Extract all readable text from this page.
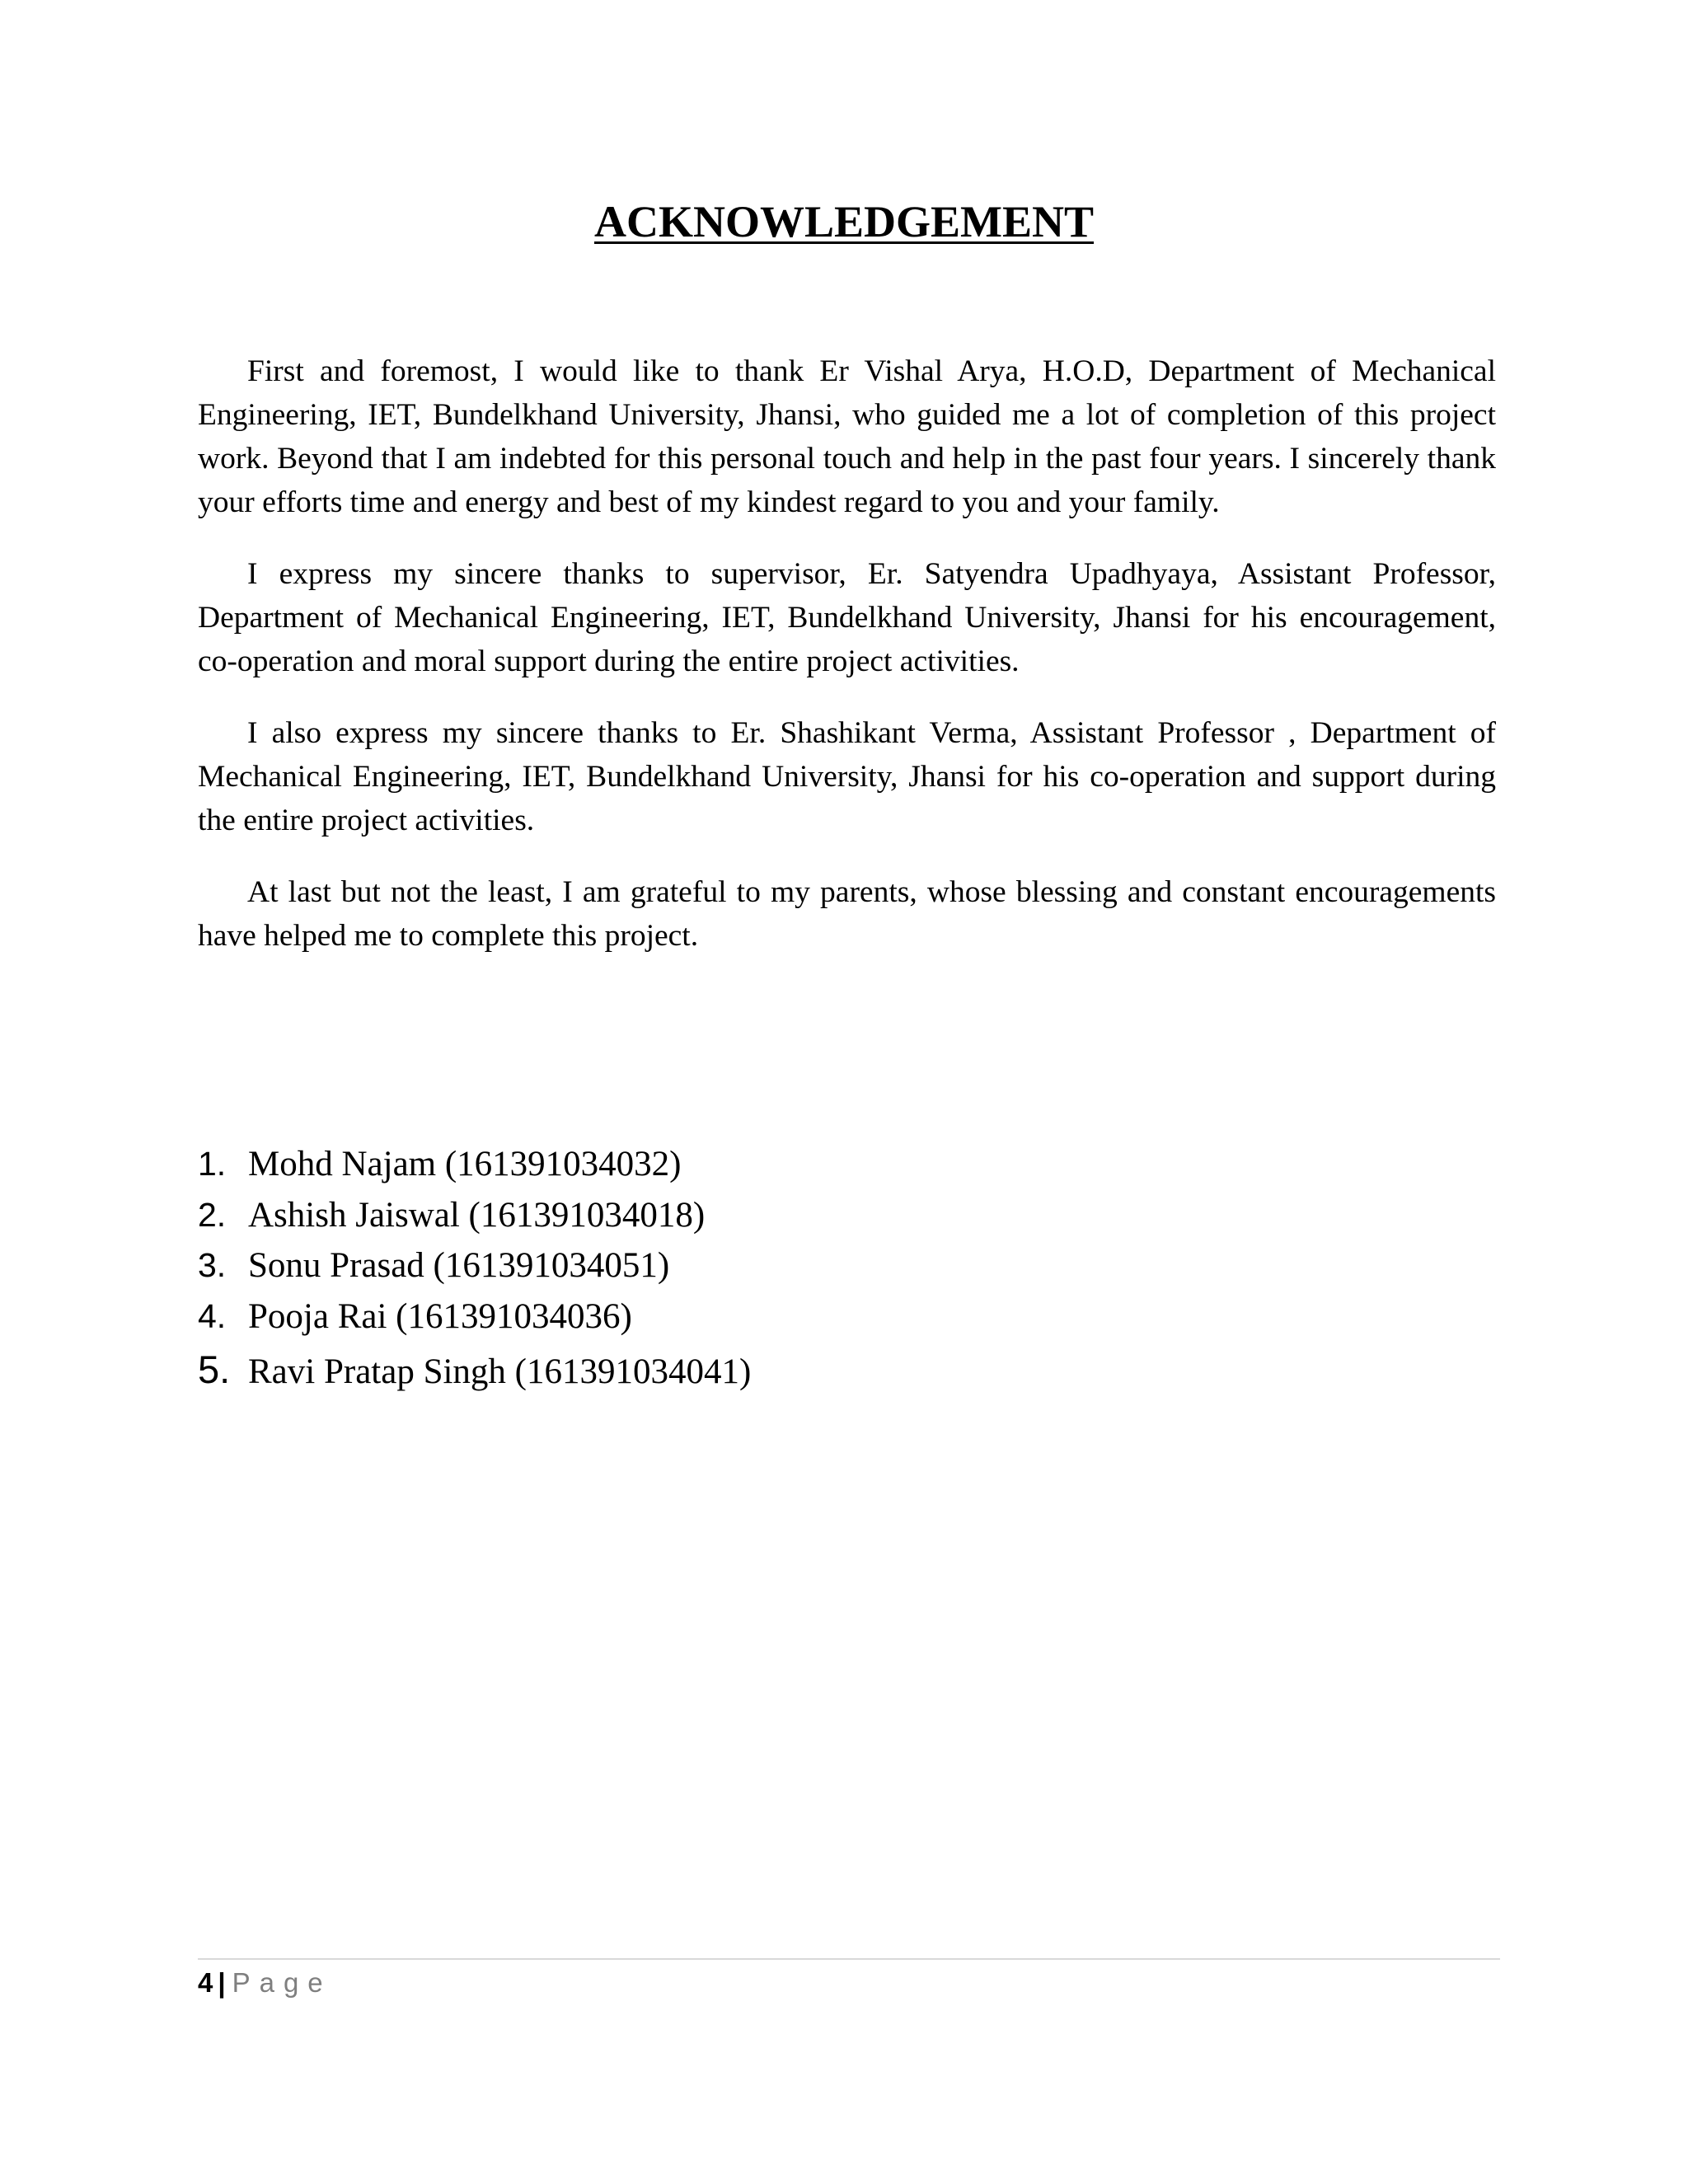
ACKNOWLEDGEMENT

First and foremost, I would like to thank Er Vishal Arya, H.O.D, Department of Mechanical Engineering, IET, Bundelkhand University, Jhansi, who guided me a lot of completion of this project work. Beyond that I am indebted for this personal touch and help in the past four years. I sincerely thank your efforts time and energy and best of my kindest regard to you and your family.

I express my sincere thanks to supervisor, Er. Satyendra Upadhyaya, Assistant Professor, Department of Mechanical Engineering, IET, Bundelkhand University, Jhansi for his encouragement, co-operation and moral support during the entire project activities.

I also express my sincere thanks to Er. Shashikant Verma, Assistant Professor , Department of Mechanical Engineering, IET, Bundelkhand University, Jhansi for his co-operation and support during the entire project activities.

At last but not the least, I am grateful to my parents, whose blessing and constant encouragements have helped me to complete this project.

1. Mohd Najam (161391034032)
2. Ashish Jaiswal (161391034018)
3. Sonu Prasad (161391034051)
4. Pooja Rai (161391034036)
5. Ravi Pratap Singh (161391034041)
4 | Page
